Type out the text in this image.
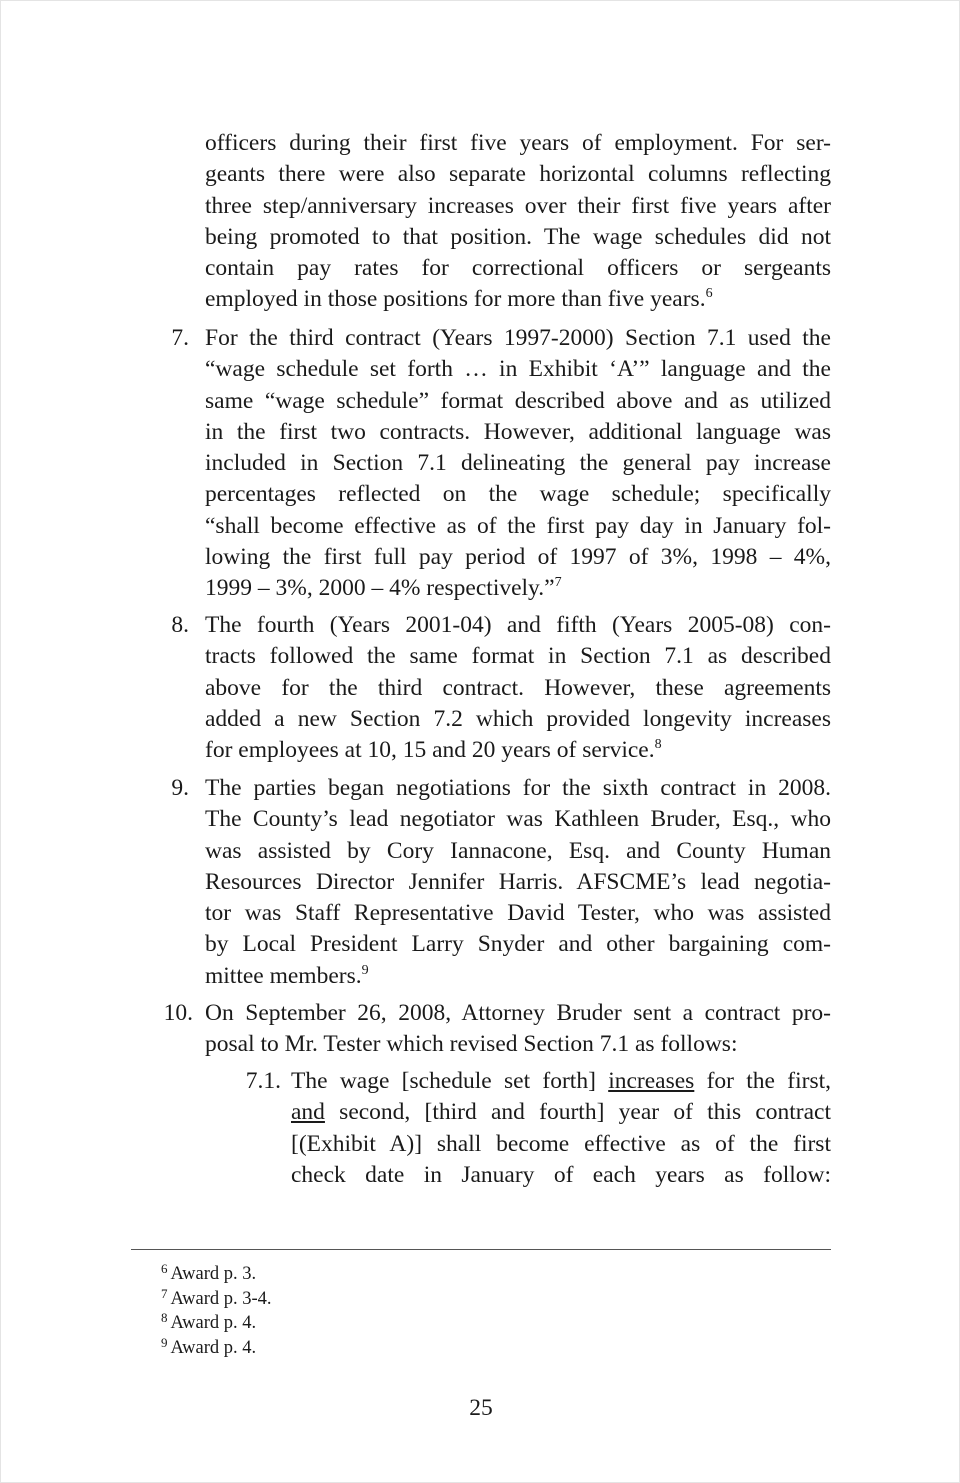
officers during their first five years of employment. For ser-
geants there were also separate horizontal columns reflecting
three step/anniversary increases over their first five years after
being promoted to that position. The wage schedules did not
contain pay rates for correctional officers or sergeants
employed in those positions for more than five years.$^6$
7. For the third contract (Years 1997-2000) Section 7.1 used the
“wage schedule set forth … in Exhibit ‘A’” language and the
same “wage schedule” format described above and as utilized
in the first two contracts. However, additional language was
included in Section 7.1 delineating the general pay increase
percentages reflected on the wage schedule; specifically
“shall become effective as of the first pay day in January fol-
lowing the first full pay period of 1997 of 3%, 1998 – 4%,
1999 – 3%, 2000 – 4% respectively.”$^7$
8. The fourth (Years 2001-04) and fifth (Years 2005-08) con-
tracts followed the same format in Section 7.1 as described
above for the third contract. However, these agreements
added a new Section 7.2 which provided longevity increases
for employees at 10, 15 and 20 years of service.$^8$
9. The parties began negotiations for the sixth contract in 2008.
The County’s lead negotiator was Kathleen Bruder, Esq., who
was assisted by Cory Iannacone, Esq. and County Human
Resources Director Jennifer Harris. AFSCME’s lead negotia-
tor was Staff Representative David Tester, who was assisted
by Local President Larry Snyder and other bargaining com-
mittee members.$^9$
10. On September 26, 2008, Attorney Bruder sent a contract pro-
posal to Mr. Tester which revised Section 7.1 as follows:
7.1. The wage [schedule set forth] increases for the first,
and second, [third and fourth] year of this contract
[(Exhibit A)] shall become effective as of the first
check date in January of each years as follow:
$^6$ Award p. 3.
$^7$ Award p. 3-4.
$^8$ Award p. 4.
$^9$ Award p. 4.
25
